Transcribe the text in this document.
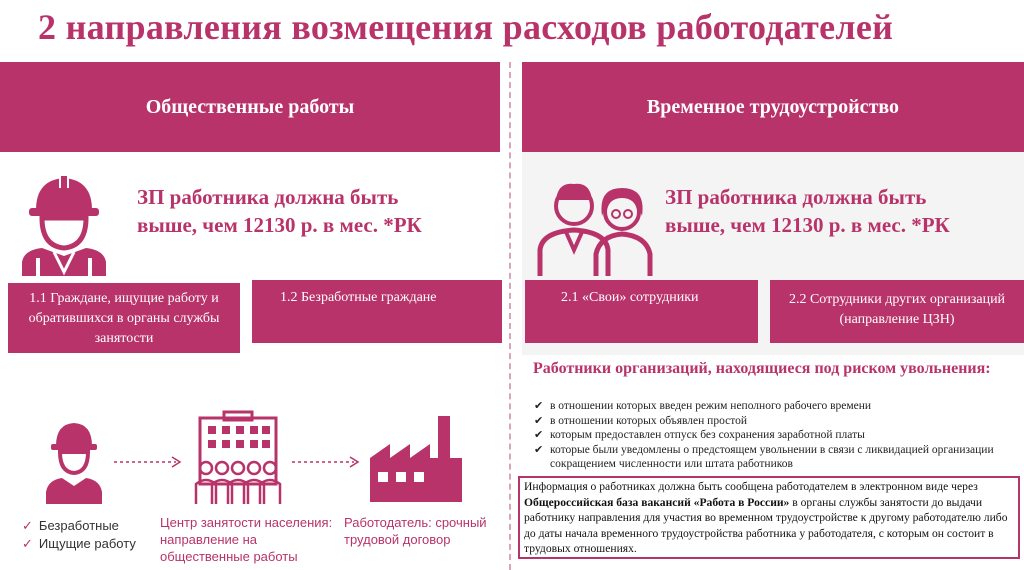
2 направления возмещения расходов работодателей
Общественные работы	Временное трудоустройство
ЗП работника должна быть
выше, чем 12130 р. в мес. *РК
ЗП работника должна быть
выше, чем 12130 р. в мес. *РК
1.1 Граждане, ищущие работу и обратившихся в органы службы занятости
1.2 Безработные граждане	2.1 «Свои» сотрудники	2.2 Сотрудники других организаций (направление ЦЗН)
✓ Безработные
✓ Ищущие работу
Центр занятости населения: направление на общественные работы
Работодатель: срочный трудовой договор
Работники организаций, находящиеся под риском увольнения:
✔ в отношении которых введен режим неполного рабочего времени
✔ в отношении которых объявлен простой
✔ которым предоставлен отпуск без сохранения заработной платы
✔ которые были уведомлены о предстоящем увольнении в связи с ликвидацией организации сокращением численности или штата работников
Информация о работниках должна быть сообщена работодателем в электронном виде через Общероссийская база вакансий «Работа в России» в органы службы занятости до выдачи работнику направления для участия во временном трудоустройстве к другому работодателю либо до даты начала временного трудоустройства работника у работодателя, с которым он состоит в трудовых отношениях.
